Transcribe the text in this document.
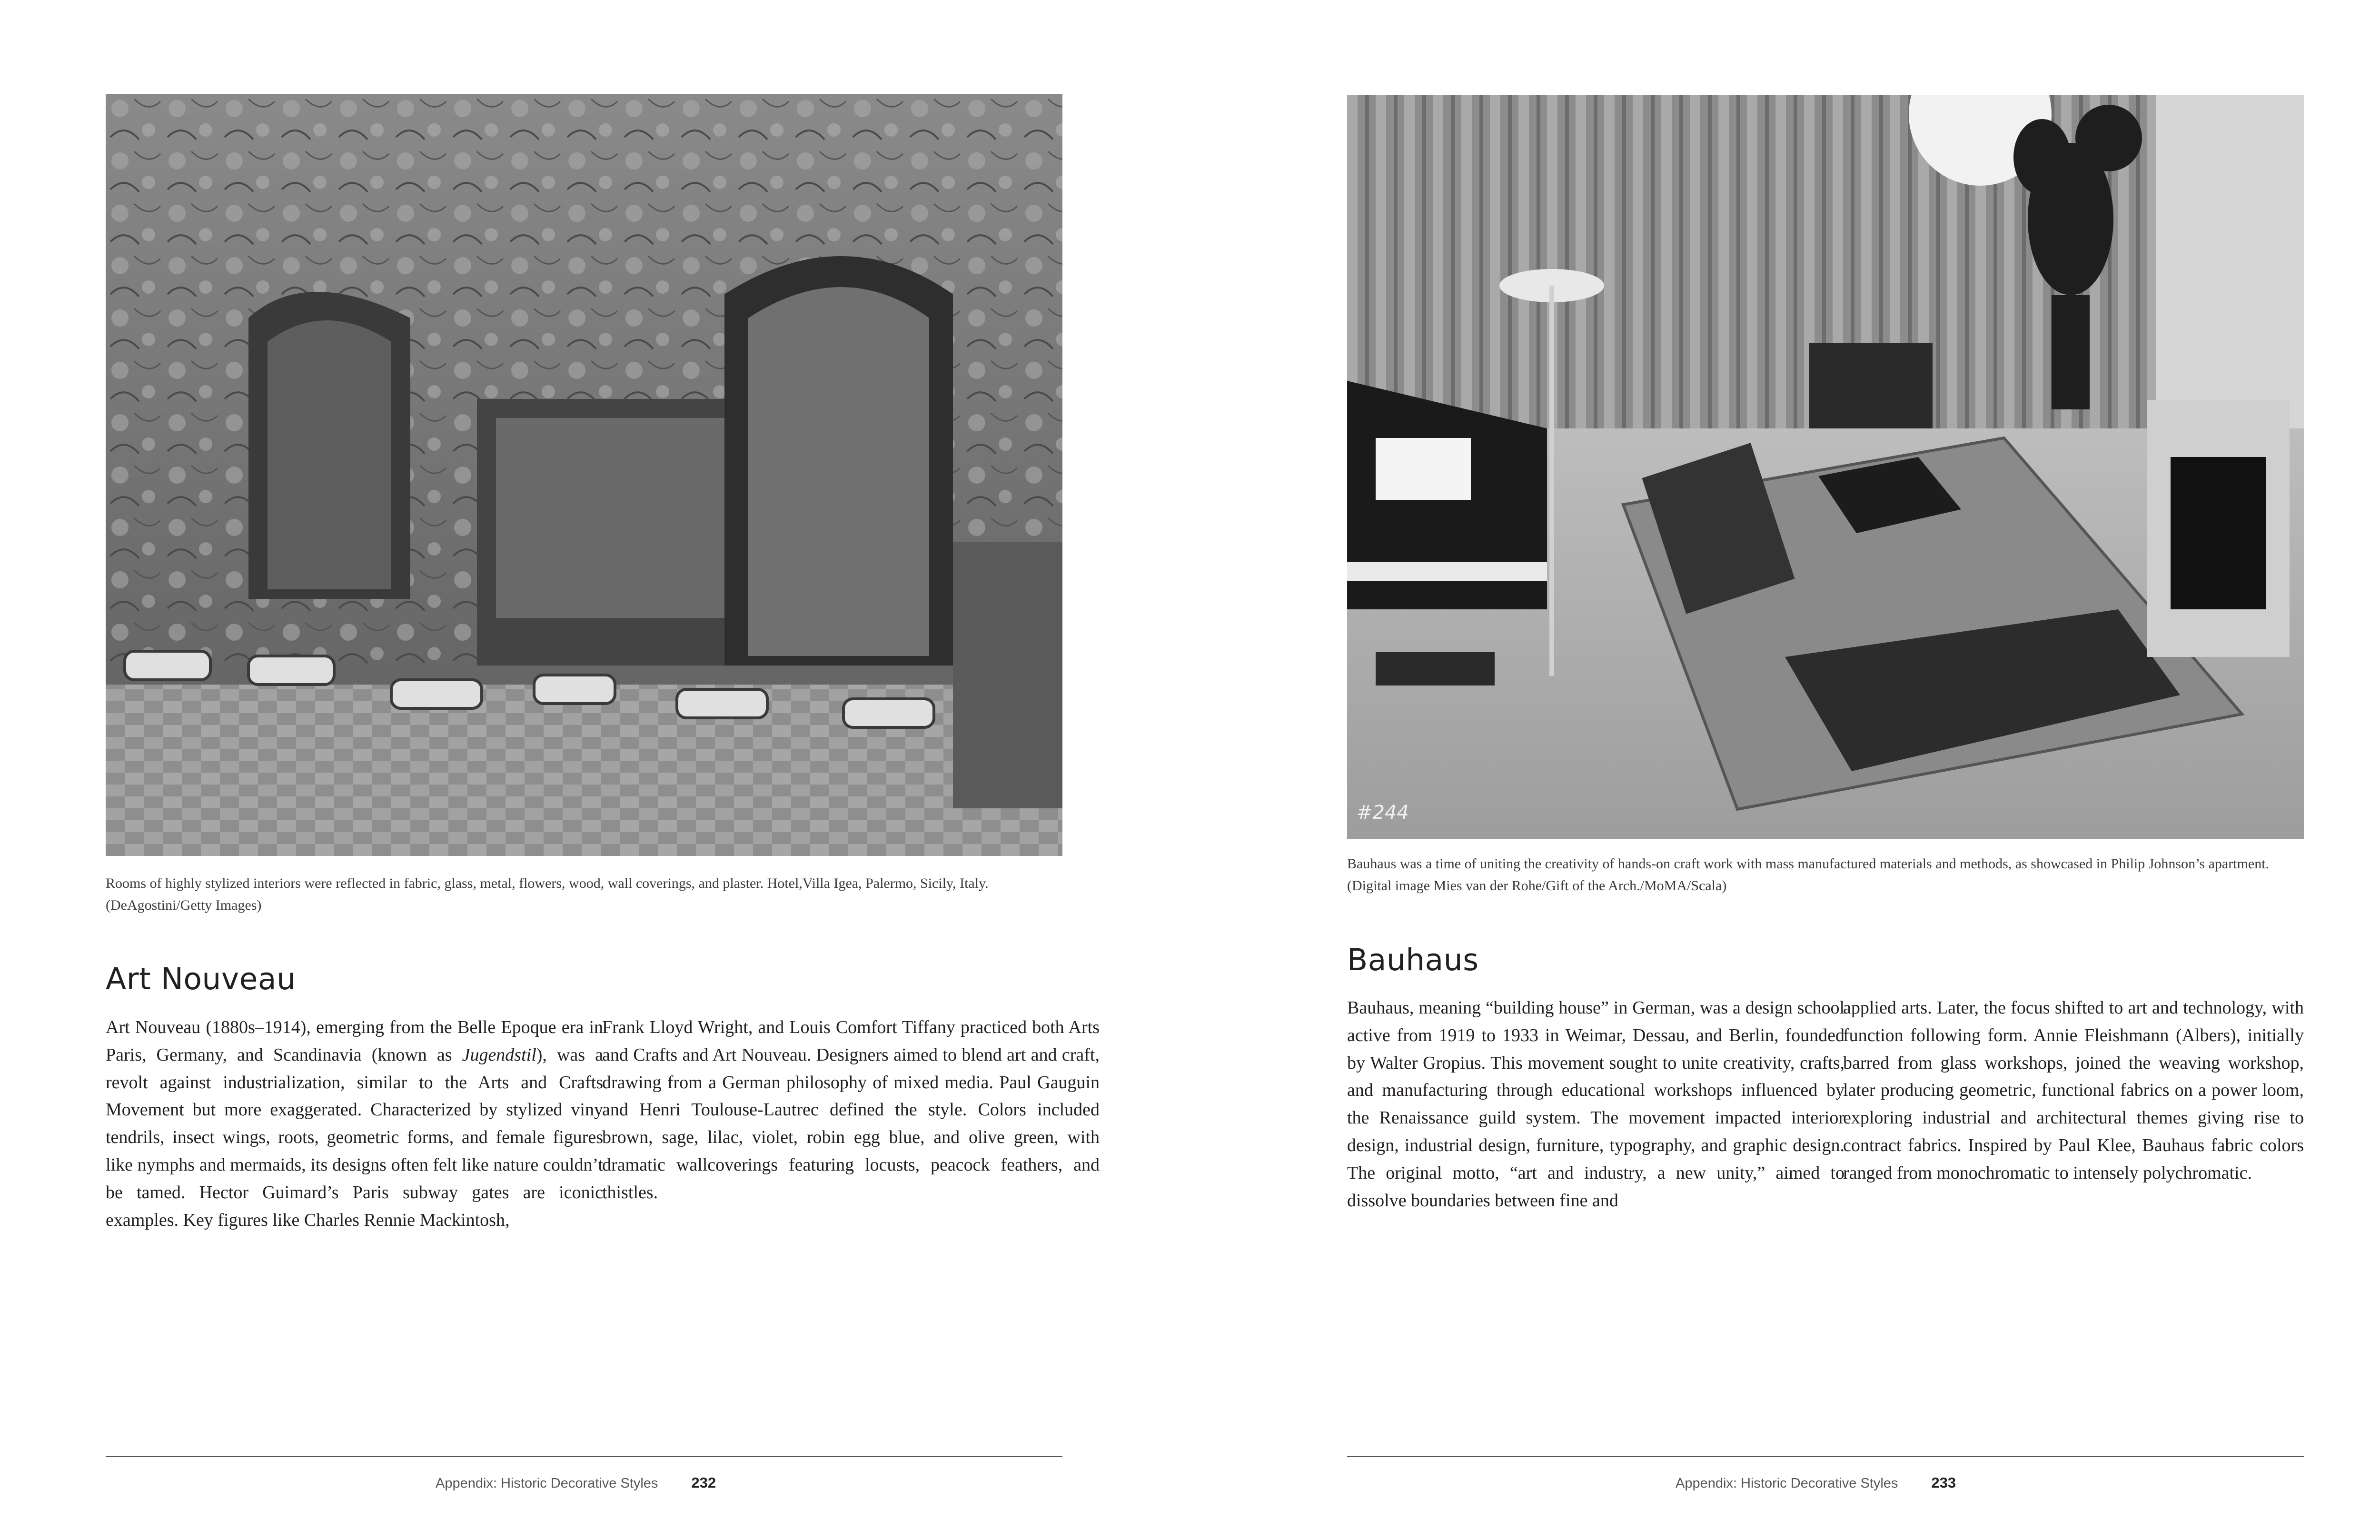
Rooms of highly stylized interiors were reflected in fabric, glass, metal, flowers, wood, wall coverings, and plaster. Hotel,Villa Igea, Palermo, Sicily, Italy. (DeAgostini/Getty Images)

Art Nouveau

Art Nouveau (1880s–1914), emerging from the Belle Epoque era in Paris, Germany, and Scandinavia (known as Jugendstil), was a revolt against industrialization, similar to the Arts and Crafts Movement but more exaggerated. Characterized by stylized viny tendrils, insect wings, roots, geometric forms, and female figures like nymphs and mermaids, its designs often felt like nature couldn’t be tamed. Hector Guimard’s Paris subway gates are iconic examples. Key figures like Charles Rennie Mackintosh,

Frank Lloyd Wright, and Louis Comfort Tiffany practiced both Arts and Crafts and Art Nouveau. Designers aimed to blend art and craft, drawing from a German philosophy of mixed media. Paul Gauguin and Henri Toulouse-Lautrec defined the style. Colors included brown, sage, lilac, violet, robin egg blue, and olive green, with dramatic wallcoverings featuring locusts, peacock feathers, and thistles.

Appendix: Historic Decorative Styles 232
#244

Bauhaus was a time of uniting the creativity of hands-on craft work with mass manufactured materials and methods, as showcased in Philip Johnson’s apartment. (Digital image Mies van der Rohe/Gift of the Arch./MoMA/Scala)

Bauhaus

Bauhaus, meaning “building house” in German, was a design school active from 1919 to 1933 in Weimar, Dessau, and Berlin, founded by Walter Gropius. This movement sought to unite creativity, crafts, and manufacturing through educational workshops influenced by the Renaissance guild system. The movement impacted interior design, industrial design, furniture, typography, and graphic design. The original motto, “art and industry, a new unity,” aimed to dissolve boundaries between fine and

applied arts. Later, the focus shifted to art and technology, with function following form. Annie Fleishmann (Albers), initially barred from glass workshops, joined the weaving workshop, later producing geometric, functional fabrics on a power loom, exploring industrial and architectural themes giving rise to contract fabrics. Inspired by Paul Klee, Bauhaus fabric colors ranged from monochromatic to intensely polychromatic.

Appendix: Historic Decorative Styles 233
